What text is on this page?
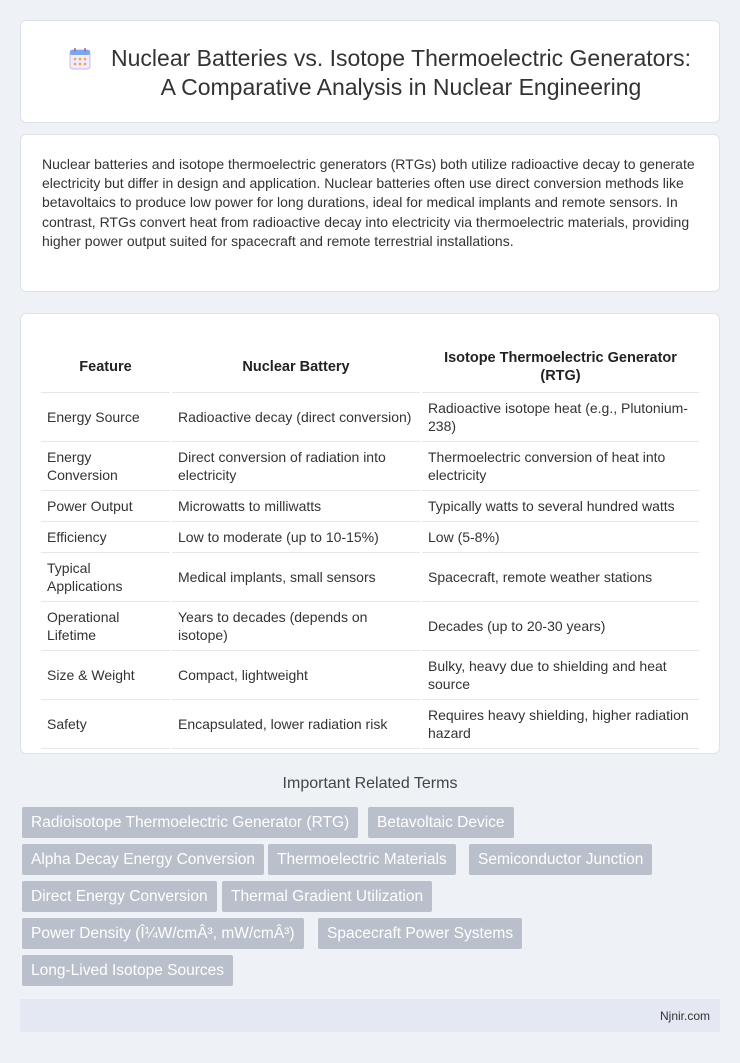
Nuclear Batteries vs. Isotope Thermoelectric Generators:
A Comparative Analysis in Nuclear Engineering

Nuclear batteries and isotope thermoelectric generators (RTGs) both utilize radioactive decay to generate electricity but differ in design and application. Nuclear batteries often use direct conversion methods like betavoltaics to produce low power for long durations, ideal for medical implants and remote sensors. In contrast, RTGs convert heat from radioactive decay into electricity via thermoelectric materials, providing higher power output suited for spacecraft and remote terrestrial installations.

Feature	Nuclear Battery	Isotope Thermoelectric Generator (RTG)
Energy Source	Radioactive decay (direct conversion)	Radioactive isotope heat (e.g., Plutonium-238)
Energy Conversion	Direct conversion of radiation into electricity	Thermoelectric conversion of heat into electricity
Power Output	Microwatts to milliwatts	Typically watts to several hundred watts
Efficiency	Low to moderate (up to 10-15%)	Low (5-8%)
Typical Applications	Medical implants, small sensors	Spacecraft, remote weather stations
Operational Lifetime	Years to decades (depends on isotope)	Decades (up to 20-30 years)
Size & Weight	Compact, lightweight	Bulky, heavy due to shielding and heat source
Safety	Encapsulated, lower radiation risk	Requires heavy shielding, higher radiation hazard
Important Related Terms
Radioisotope Thermoelectric Generator (RTG)	Betavoltaic Device
Alpha Decay Energy Conversion	Thermoelectric Materials	Semiconductor Junction
Direct Energy Conversion	Thermal Gradient Utilization
Power Density (Î¼W/cmÂ³, mW/cmÂ³)	Spacecraft Power Systems
Long-Lived Isotope Sources
Njnir.com
